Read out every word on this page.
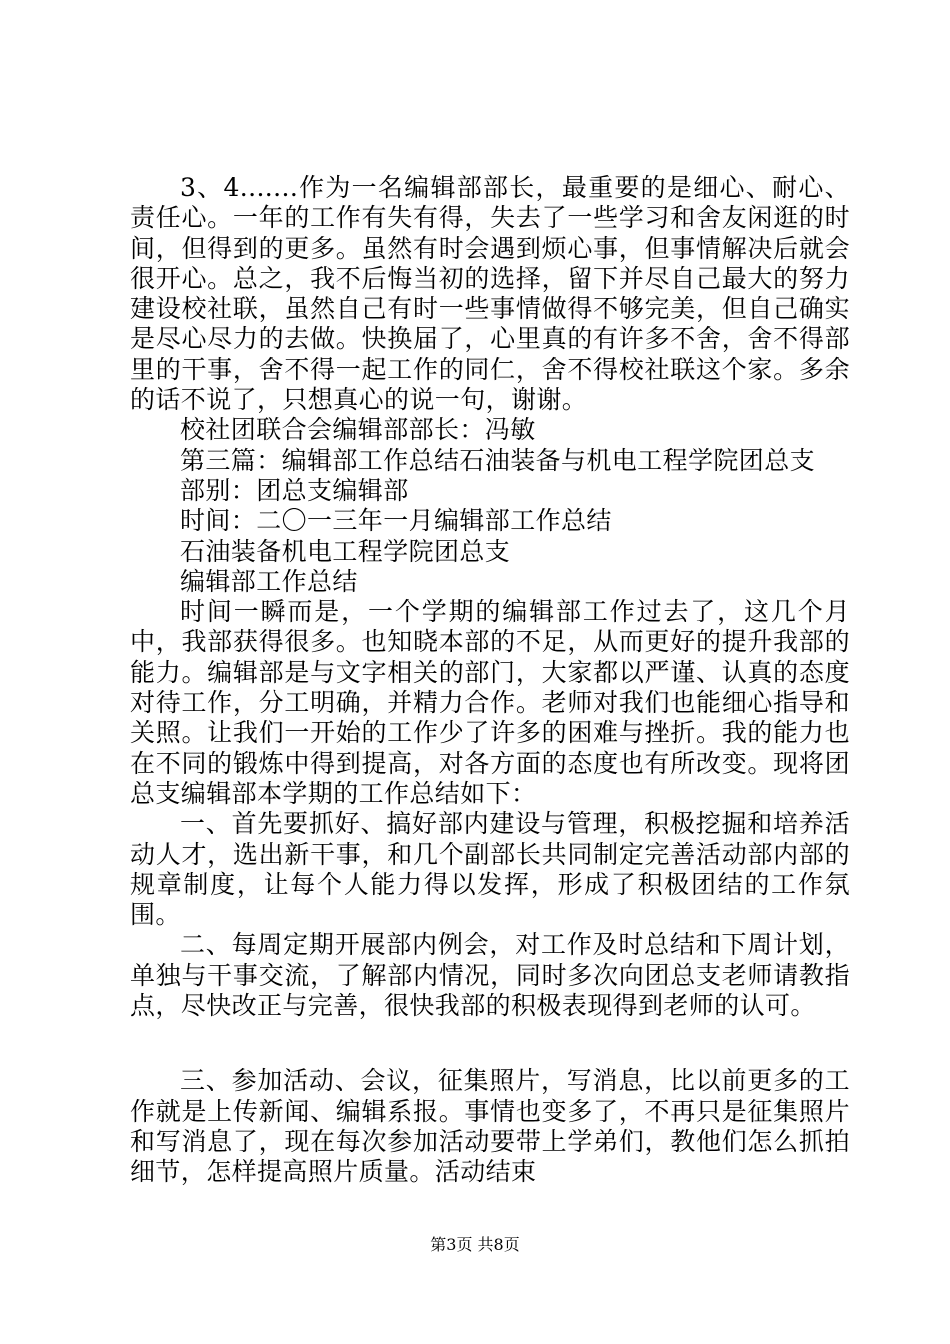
3、4.......作为一名编辑部部长，最重要的是细心、耐心、责任心。一年的工作有失有得，失去了一些学习和舍友闲逛的时间，但得到的更多。虽然有时会遇到烦心事，但事情解决后就会很开心。总之，我不后悔当初的选择，留下并尽自己最大的努力建设校社联，虽然自己有时一些事情做得不够完美，但自己确实是尽心尽力的去做。快换届了，心里真的有许多不舍，舍不得部里的干事，舍不得一起工作的同仁，舍不得校社联这个家。多余的话不说了，只想真心的说一句，谢谢。

校社团联合会编辑部部长：冯敏

第三篇：编辑部工作总结石油装备与机电工程学院团总支

部别：团总支编辑部

时间：二〇一三年一月编辑部工作总结

石油装备机电工程学院团总支

编辑部工作总结

时间一瞬而是，一个学期的编辑部工作过去了，这几个月中，我部获得很多。也知晓本部的不足，从而更好的提升我部的能力。编辑部是与文字相关的部门，大家都以严谨、认真的态度对待工作，分工明确，并精力合作。老师对我们也能细心指导和关照。让我们一开始的工作少了许多的困难与挫折。我的能力也在不同的锻炼中得到提高，对各方面的态度也有所改变。现将团总支编辑部本学期的工作总结如下：

一、首先要抓好、搞好部内建设与管理，积极挖掘和培养活动人才，选出新干事，和几个副部长共同制定完善活动部内部的规章制度，让每个人能力得以发挥，形成了积极团结的工作氛围。

二、每周定期开展部内例会，对工作及时总结和下周计划，单独与干事交流，了解部内情况，同时多次向团总支老师请教指点，尽快改正与完善，很快我部的积极表现得到老师的认可。

三、参加活动、会议，征集照片，写消息，比以前更多的工作就是上传新闻、编辑系报。事情也变多了，不再只是征集照片和写消息了，现在每次参加活动要带上学弟们，教他们怎么抓拍细节，怎样提高照片质量。活动结束

第3页 共8页
